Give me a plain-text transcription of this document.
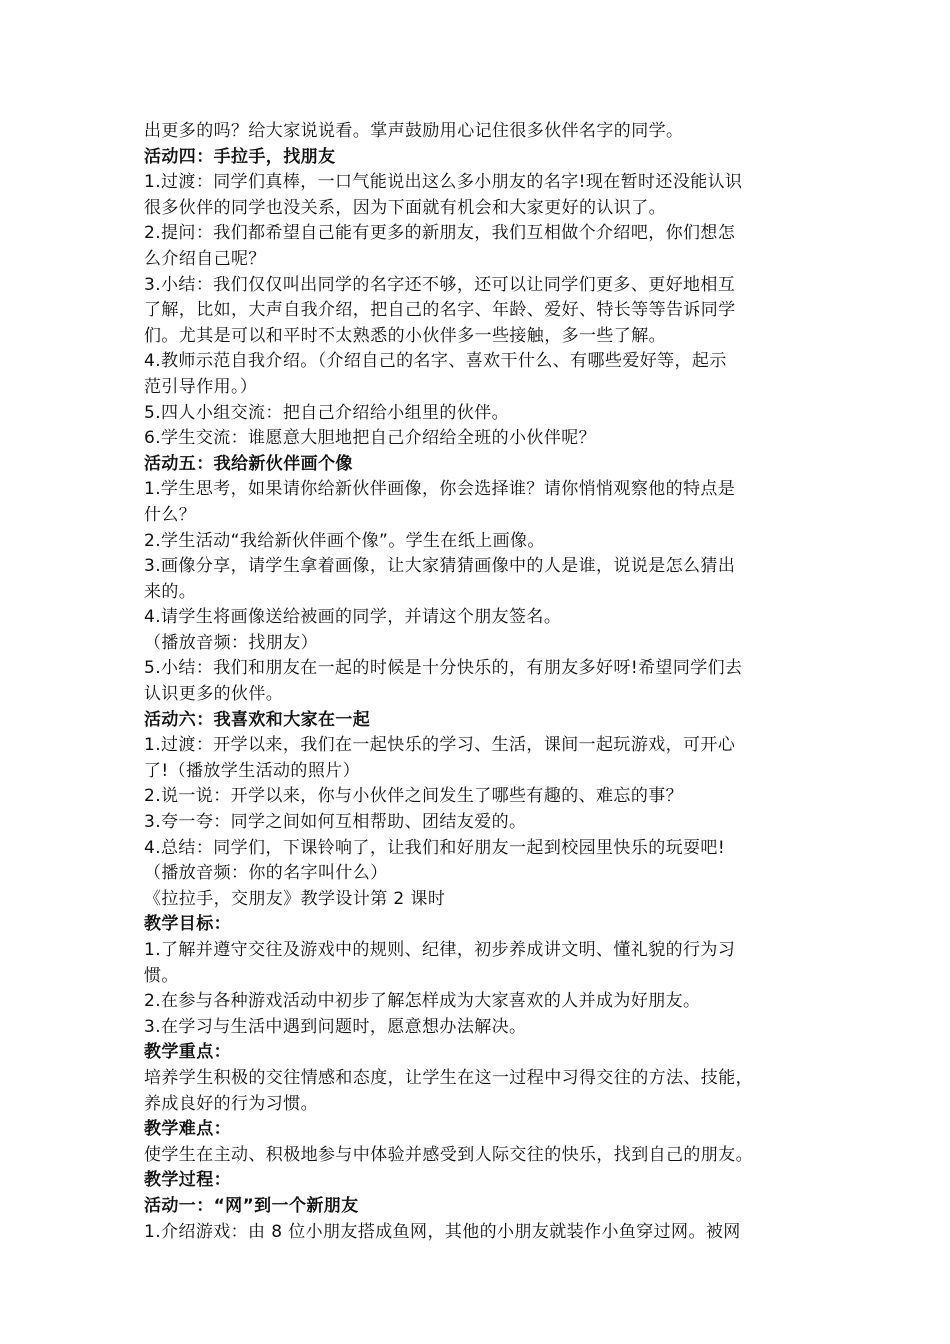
出更多的吗？给大家说说看。掌声鼓励用心记住很多伙伴名字的同学。

活动四：手拉手，找朋友

1.过渡：同学们真棒，一口气能说出这么多小朋友的名字!现在暂时还没能认识

很多伙伴的同学也没关系，因为下面就有机会和大家更好的认识了。

2.提问：我们都希望自己能有更多的新朋友，我们互相做个介绍吧，你们想怎

么介绍自己呢？

3.小结：我们仅仅叫出同学的名字还不够，还可以让同学们更多、更好地相互

了解，比如，大声自我介绍，把自己的名字、年龄、爱好、特长等等告诉同学

们。尤其是可以和平时不太熟悉的小伙伴多一些接触，多一些了解。

4.教师示范自我介绍。（介绍自己的名字、喜欢干什么、有哪些爱好等，起示

范引导作用。）

5.四人小组交流：把自己介绍给小组里的伙伴。

6.学生交流：谁愿意大胆地把自己介绍给全班的小伙伴呢？

活动五：我给新伙伴画个像

1.学生思考，如果请你给新伙伴画像，你会选择谁？请你悄悄观察他的特点是

什么？

2.学生活动“我给新伙伴画个像”。学生在纸上画像。

3.画像分享，请学生拿着画像，让大家猜猜画像中的人是谁，说说是怎么猜出

来的。

4.请学生将画像送给被画的同学，并请这个朋友签名。

（播放音频：找朋友）

5.小结：我们和朋友在一起的时候是十分快乐的，有朋友多好呀!希望同学们去

认识更多的伙伴。

活动六：我喜欢和大家在一起

1.过渡：开学以来，我们在一起快乐的学习、生活，课间一起玩游戏，可开心

了!（播放学生活动的照片）

2.说一说：开学以来，你与小伙伴之间发生了哪些有趣的、难忘的事？

3.夸一夸：同学之间如何互相帮助、团结友爱的。

4.总结：同学们，下课铃响了，让我们和好朋友一起到校园里快乐的玩耍吧!

（播放音频：你的名字叫什么）

《拉拉手，交朋友》教学设计第 2 课时

教学目标：

1.了解并遵守交往及游戏中的规则、纪律，初步养成讲文明、懂礼貌的行为习

惯。

2.在参与各种游戏活动中初步了解怎样成为大家喜欢的人并成为好朋友。

3.在学习与生活中遇到问题时，愿意想办法解决。

教学重点：

培养学生积极的交往情感和态度，让学生在这一过程中习得交往的方法、技能，

养成良好的行为习惯。

教学难点：

使学生在主动、积极地参与中体验并感受到人际交往的快乐，找到自己的朋友。

教学过程：

活动一：“网”到一个新朋友

1.介绍游戏：由 8 位小朋友搭成鱼网，其他的小朋友就装作小鱼穿过网。被网
